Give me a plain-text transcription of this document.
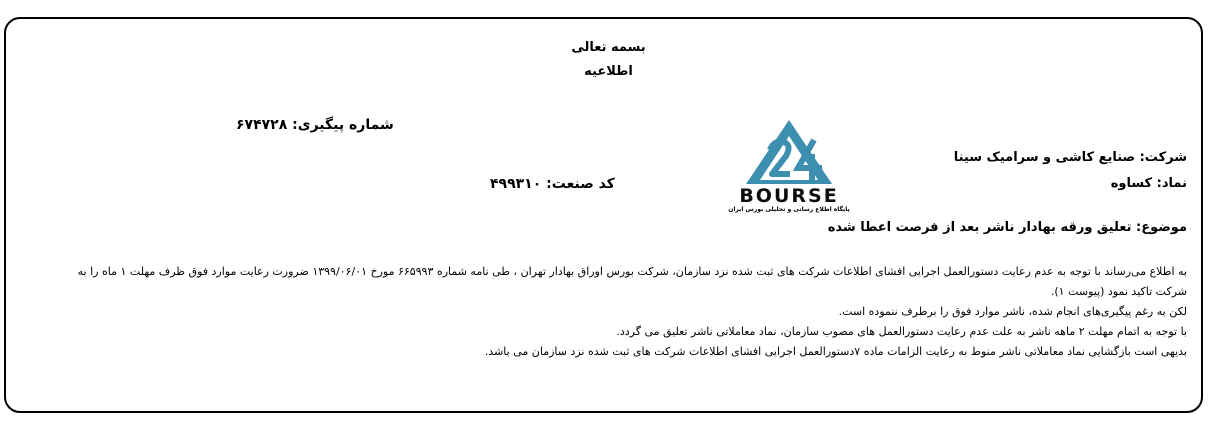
بسمه تعالی
اطلاعیه
شماره پیگیری: ۶۷۴۷۲۸
کد صنعت: ۴۹۹۳۱۰
شرکت: صنایع کاشی و سرامیک سینا
نماد: کساوه
BOURSE
پایگاه اطلاع رسانی و تحلیلی بورس ایران
موضوع: تعلیق ورقه بهادار ناشر بعد از فرصت اعطا شده

به اطلاع می‌رساند با توجه به عدم رعایت دستورالعمل اجرایی افشای اطلاعات شرکت های ثبت شده نزد سازمان، شرکت بورس اوراق بهادار تهران ، طی نامه شماره ۶۶۵۹۹۳ مورخ ۱۳۹۹/۰۶/۰۱ ضرورت رعایت موارد فوق ظرف مهلت ۱ ماه را به شرکت تاکید نمود (پیوست ۱).

لکن به رغم پیگیری‌های انجام شده، ناشر موارد فوق را برطرف ننموده است.

با توجه به اتمام مهلت ۲ ماهه ناشر به علت عدم رعایت دستورالعمل های مصوب سازمان، نماد معاملاتی ناشر تعلیق می گردد.

بدیهی است بازگشایی نماد معاملاتی ناشر منوط به رعایت الزامات ماده ۷دستورالعمل اجرایی افشای اطلاعات شرکت های ثبت شده نزد سازمان می باشد.
